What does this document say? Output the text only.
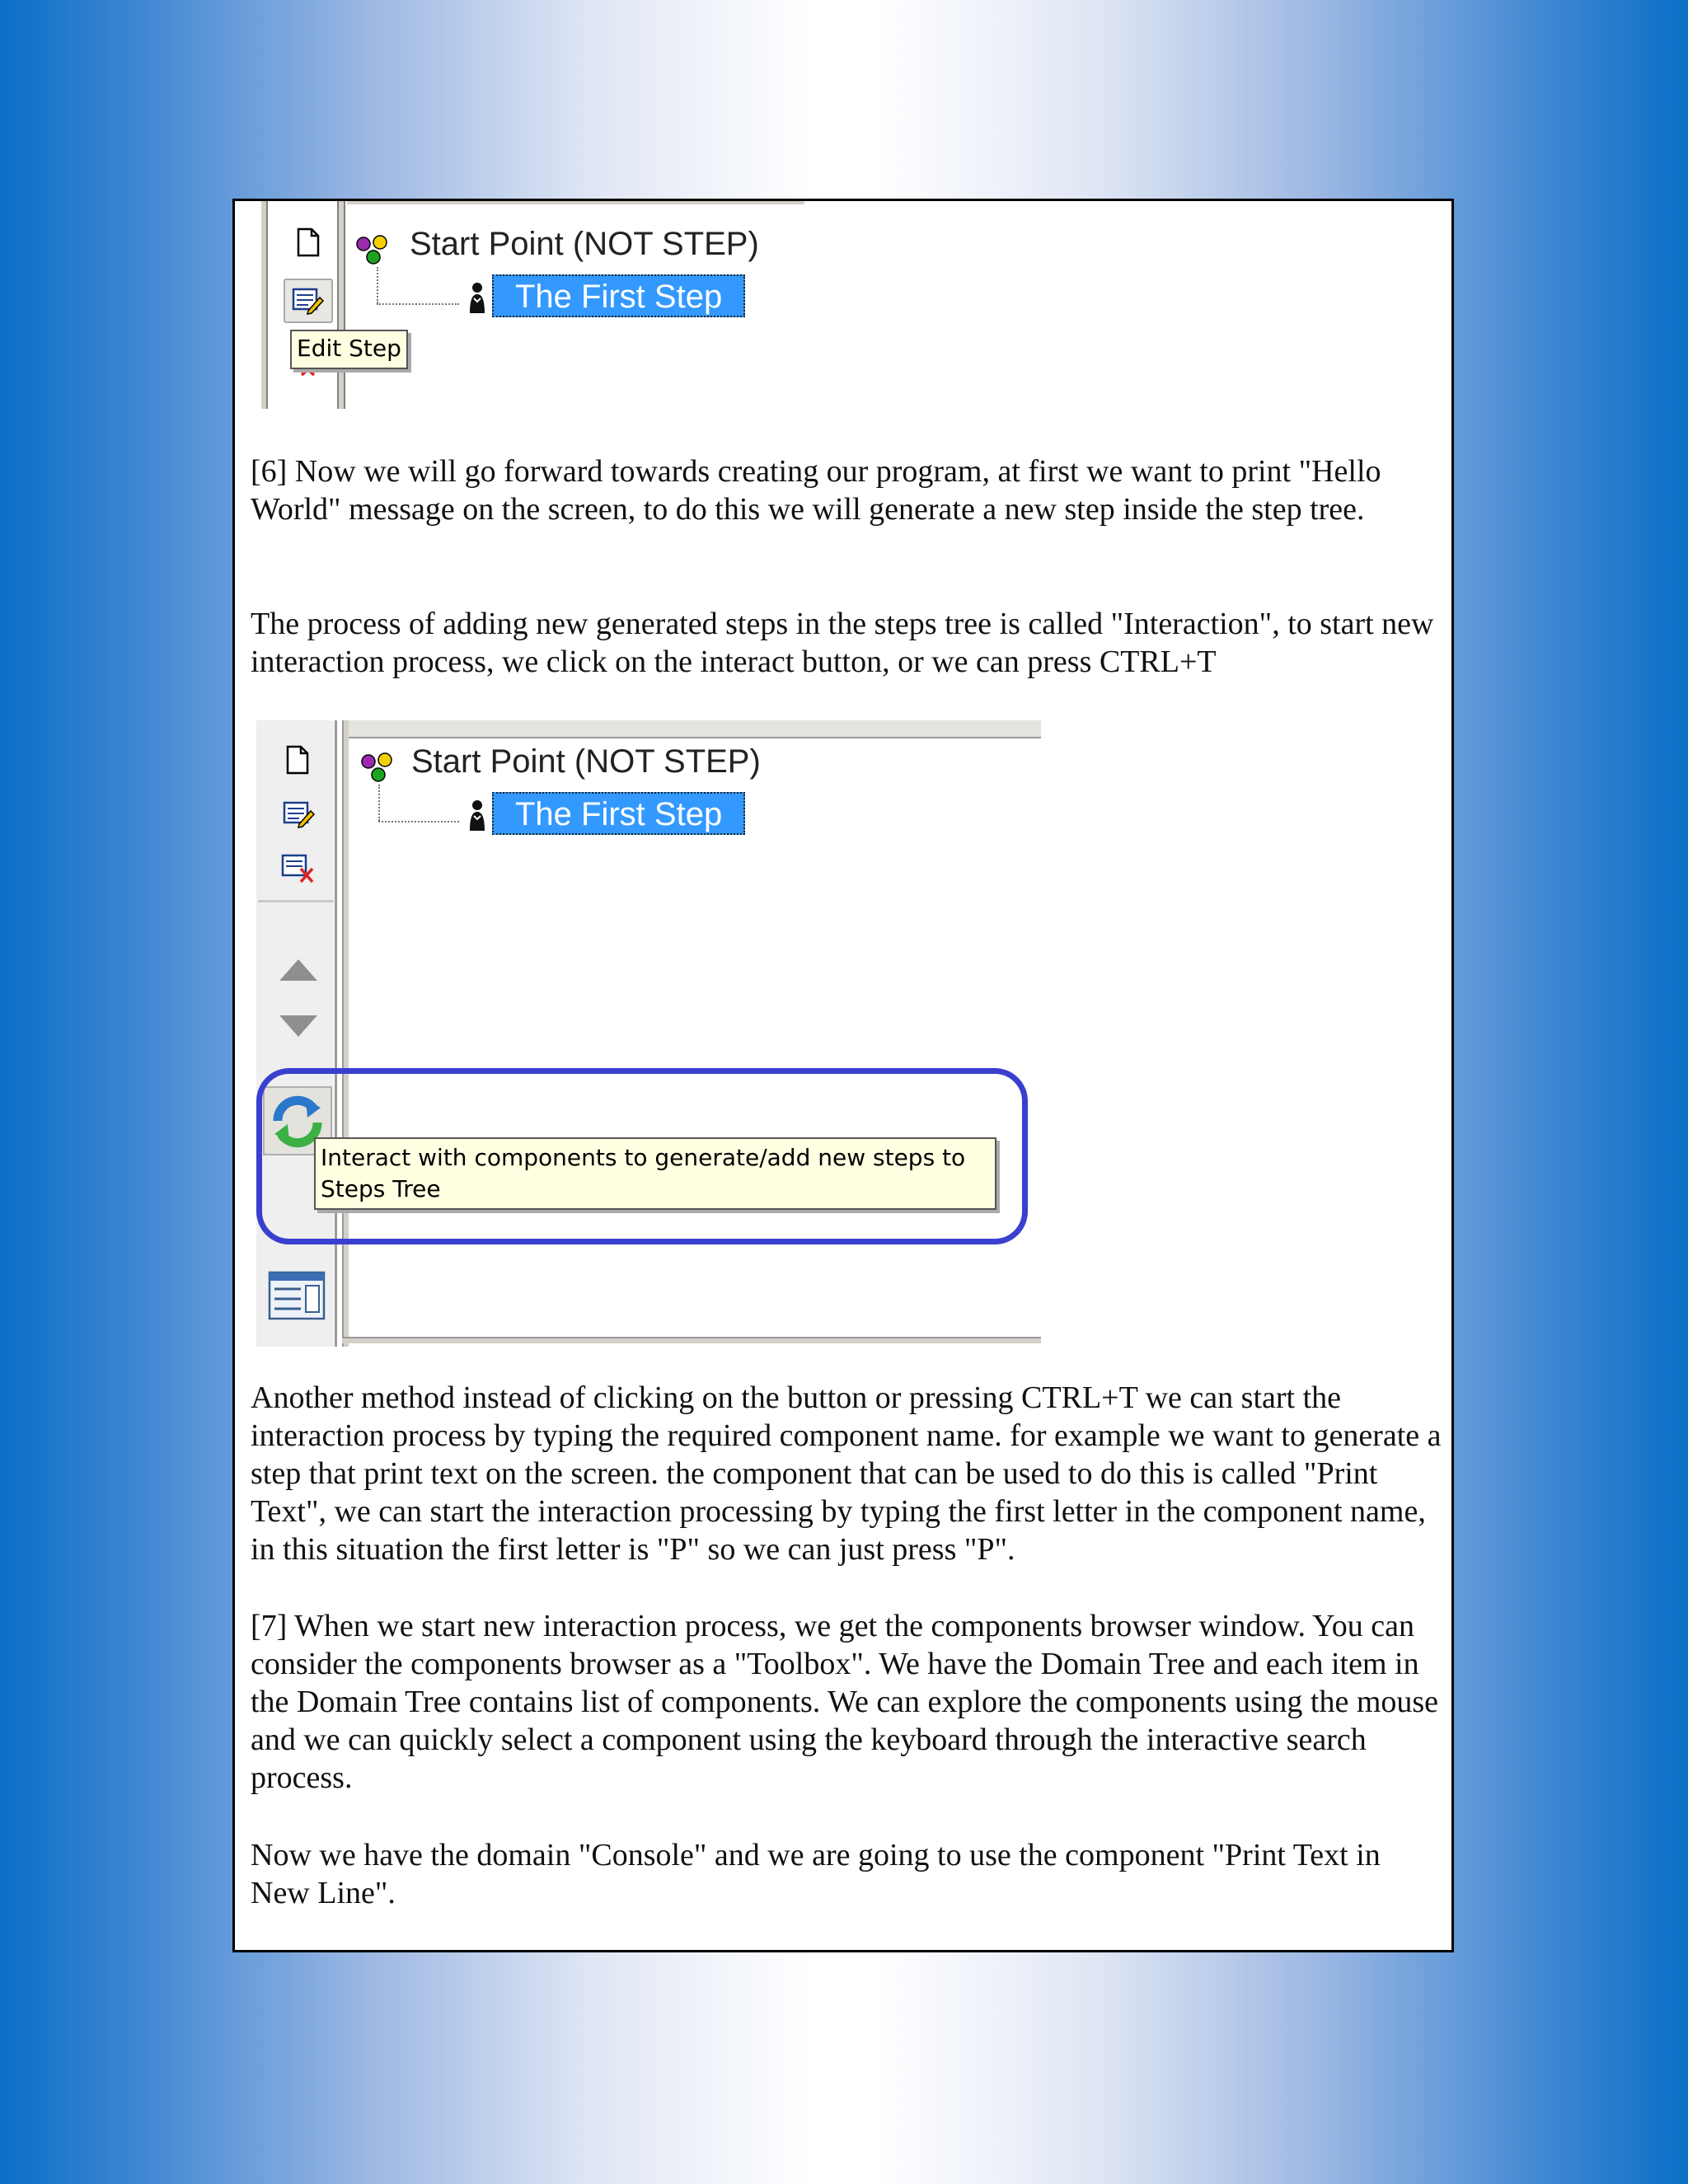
Edit Step
Start Point (NOT STEP)
The First Step

[6] Now we will go forward towards creating our program, at first we want to print "Hello World" message on the screen, to do this we will generate a new step inside the step tree.

The process of adding new generated steps in the steps tree is called "Interaction", to start new interaction process, we click on the interact button, or we can press CTRL+T

Start Point (NOT STEP)
The First Step
Interact with components to generate/add new steps to Steps Tree

Another method instead of clicking on the button or pressing CTRL+T we can start the interaction process by typing the required component name. for example we want to generate a step that print text on the screen. the component that can be used to do this is called "Print Text", we can start the interaction processing by typing the first letter in the component name, in this situation the first letter is "P" so we can just press "P".

[7] When we start new interaction process, we get the components browser window. You can consider the components browser as a "Toolbox". We have the Domain Tree and each item in the Domain Tree contains list of components. We can explore the components using the mouse and we can quickly select a component using the keyboard through the interactive search process.

Now we have the domain "Console" and we are going to use the component "Print Text in New Line".
